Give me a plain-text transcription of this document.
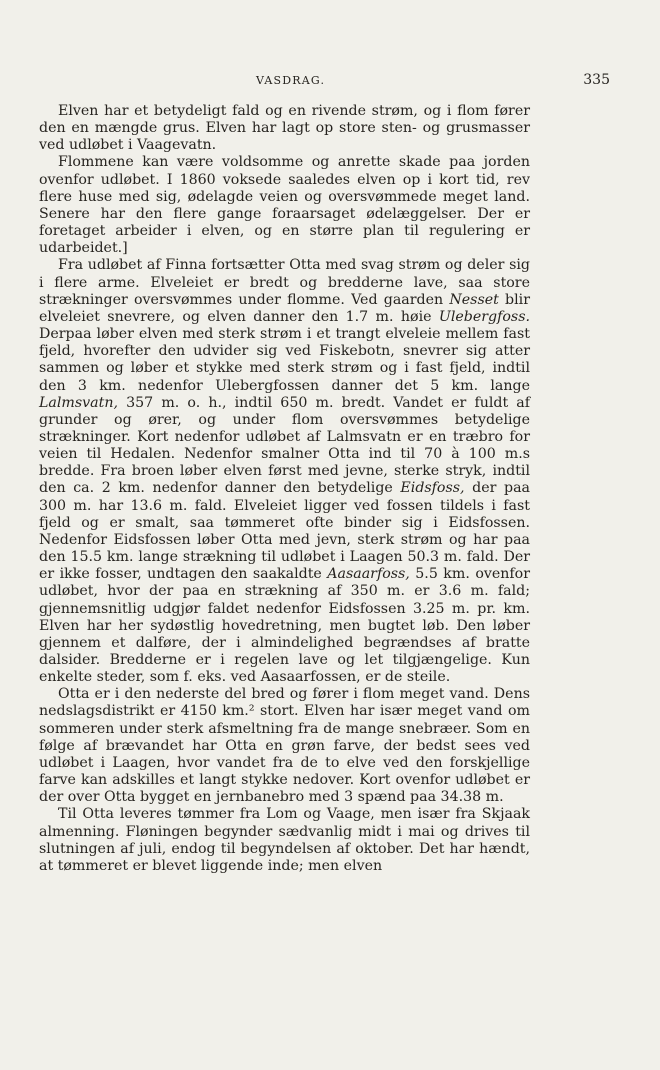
VASDRAG.	335

Elven har et betydeligt fald og en rivende strøm, og i flom fører den en mængde grus. Elven har lagt op store sten- og grusmasser ved udløbet i Vaagevatn.

Flommene kan være voldsomme og anrette skade paa jorden ovenfor udløbet. I 1860 voksede saaledes elven op i kort tid, rev flere huse med sig, ødelagde veien og oversvømmede meget land. Senere har den flere gange foraarsaget ødelæggelser. Der er foretaget arbeider i elven, og en større plan til regulering er udarbeidet.]

Fra udløbet af Finna fortsætter Otta med svag strøm og deler sig i flere arme. Elveleiet er bredt og bredderne lave, saa store strækninger oversvømmes under flomme. Ved gaarden Nesset blir elveleiet snevrere, og elven danner den 1.7 m. høie Ulebergfoss. Derpaa løber elven med sterk strøm i et trangt elveleie mellem fast fjeld, hvorefter den udvider sig ved Fiskebotn, snevrer sig atter sammen og løber et stykke med sterk strøm og i fast fjeld, indtil den 3 km. nedenfor Ulebergfossen danner det 5 km. lange Lalmsvatn, 357 m. o. h., indtil 650 m. bredt. Vandet er fuldt af grunder og ører, og under flom oversvømmes betydelige strækninger. Kort nedenfor udløbet af Lalmsvatn er en træbro for veien til Hedalen. Nedenfor smalner Otta ind til 70 à 100 m.s bredde. Fra broen løber elven først med jevne, sterke stryk, indtil den ca. 2 km. nedenfor danner den betydelige Eidsfoss, der paa 300 m. har 13.6 m. fald. Elveleiet ligger ved fossen tildels i fast fjeld og er smalt, saa tømmeret ofte binder sig i Eidsfossen. Nedenfor Eidsfossen løber Otta med jevn, sterk strøm og har paa den 15.5 km. lange strækning til udløbet i Laagen 50.3 m. fald. Der er ikke fosser, undtagen den saakaldte Aasaarfoss, 5.5 km. ovenfor udløbet, hvor der paa en strækning af 350 m. er 3.6 m. fald; gjennemsnitlig udgjør faldet nedenfor Eidsfossen 3.25 m. pr. km. Elven har her sydøstlig hovedretning, men bugtet løb. Den løber gjennem et dalføre, der i almindelighed begrændses af bratte dalsider. Bredderne er i regelen lave og let tilgjængelige. Kun enkelte steder, som f. eks. ved Aasaarfossen, er de steile.

Otta er i den nederste del bred og fører i flom meget vand. Dens nedslagsdistrikt er 4150 km.² stort. Elven har især meget vand om sommeren under sterk afsmeltning fra de mange snebræer. Som en følge af brævandet har Otta en grøn farve, der bedst sees ved udløbet i Laagen, hvor vandet fra de to elve ved den forskjellige farve kan adskilles et langt stykke nedover. Kort ovenfor udløbet er der over Otta bygget en jernbanebro med 3 spænd paa 34.38 m.

Til Otta leveres tømmer fra Lom og Vaage, men især fra Skjaak almenning. Fløningen begynder sædvanlig midt i mai og drives til slutningen af juli, endog til begyndelsen af oktober. Det har hændt, at tømmeret er blevet liggende inde; men elven
